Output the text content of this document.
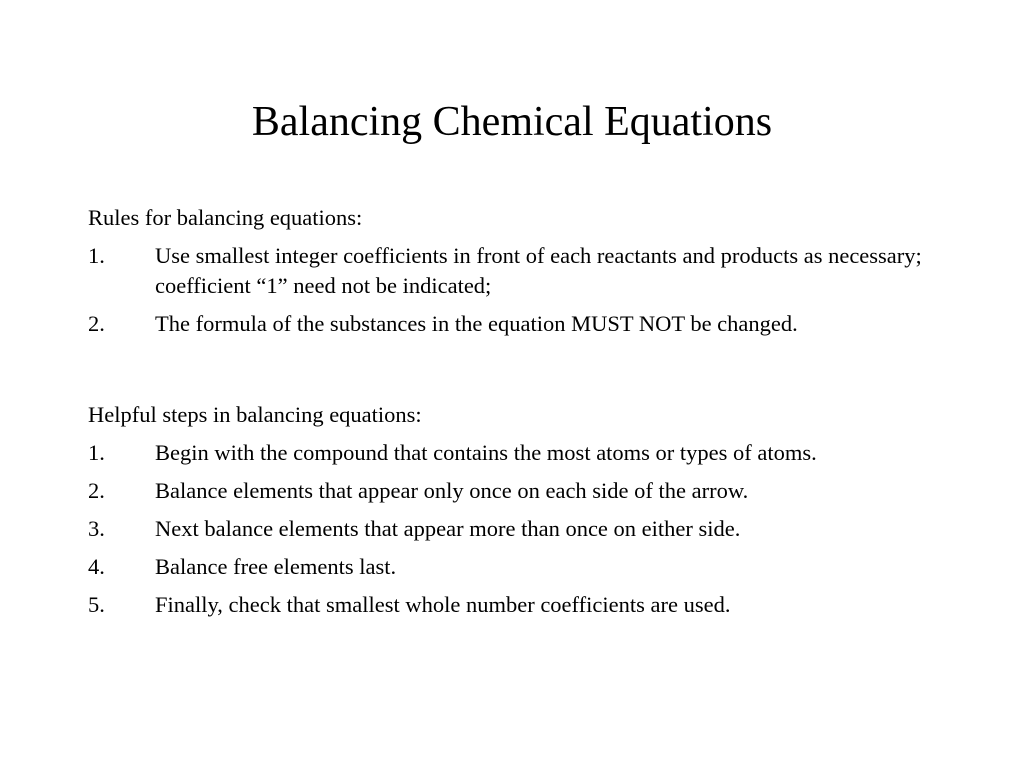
Balancing Chemical Equations
Rules for balancing equations:
1.	Use smallest integer coefficients in front of each reactants and products as necessary; coefficient “1” need not be indicated;
2.	The formula of the substances in the equation MUST NOT be changed.
Helpful steps in balancing equations:
1.	Begin with the compound that contains the most atoms or types of atoms.
2.	Balance elements that appear only once on each side of the arrow.
3.	Next balance elements that appear more than once on either side.
4.	Balance free elements last.
5.	Finally, check that smallest whole number coefficients are used.
